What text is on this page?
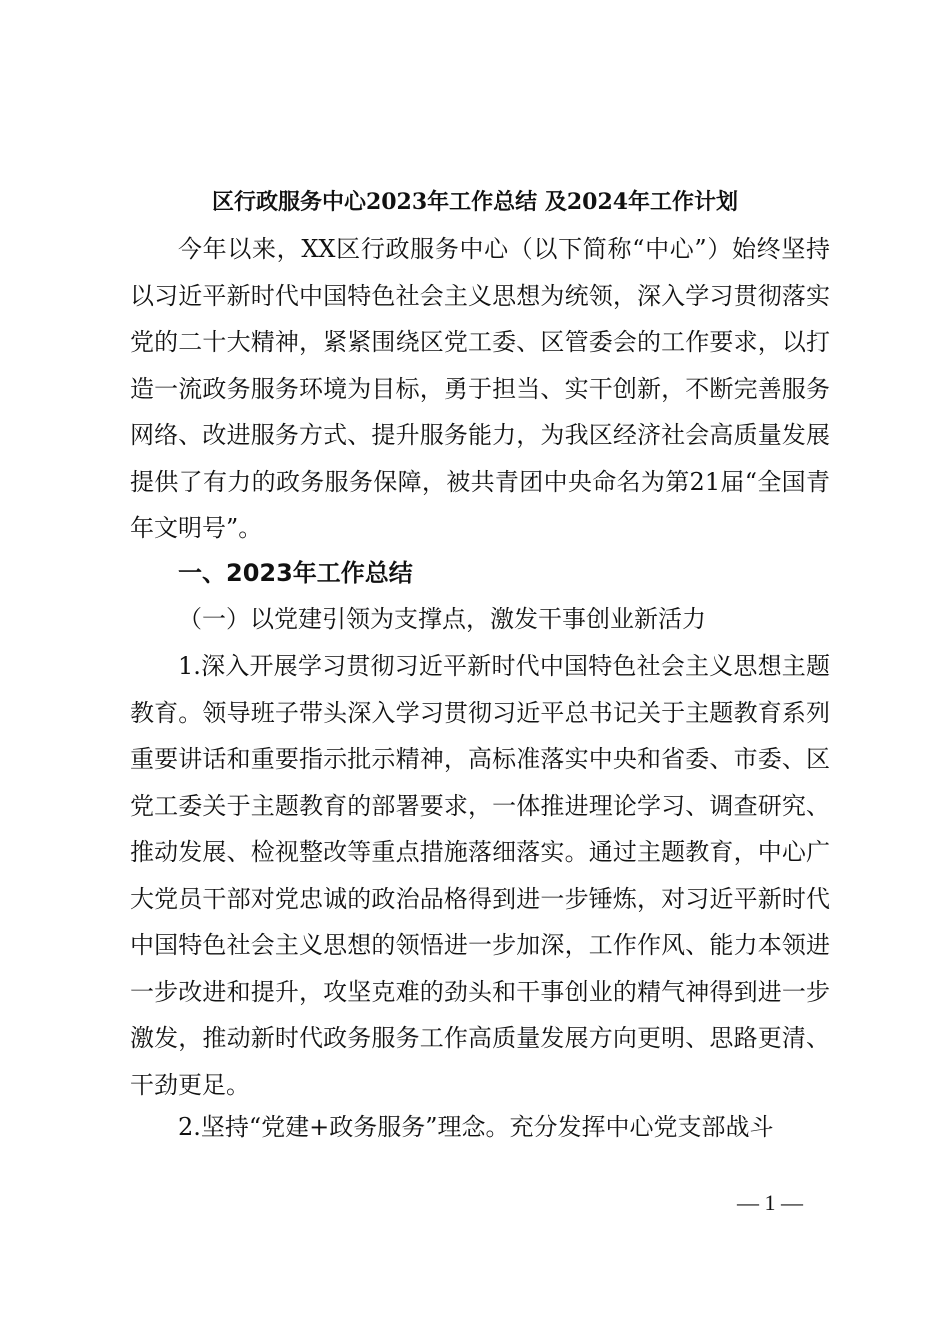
区行政服务中心2023年工作总结 及2024年工作计划

今年以来，XX区行政服务中心（以下简称“中心”）始终坚持以习近平新时代中国特色社会主义思想为统领，深入学习贯彻落实党的二十大精神，紧紧围绕区党工委、区管委会的工作要求，以打造一流政务服务环境为目标，勇于担当、实干创新，不断完善服务网络、改进服务方式、提升服务能力，为我区经济社会高质量发展提供了有力的政务服务保障，被共青团中央命名为第21届“全国青年文明号”。

一、2023年工作总结
（一）以党建引领为支撑点，激发干事创业新活力

1.深入开展学习贯彻习近平新时代中国特色社会主义思想主题教育。领导班子带头深入学习贯彻习近平总书记关于主题教育系列重要讲话和重要指示批示精神，高标准落实中央和省委、市委、区党工委关于主题教育的部署要求，一体推进理论学习、调查研究、推动发展、检视整改等重点措施落细落实。通过主题教育，中心广大党员干部对党忠诚的政治品格得到进一步锤炼，对习近平新时代中国特色社会主义思想的领悟进一步加深，工作作风、能力本领进一步改进和提升，攻坚克难的劲头和干事创业的精气神得到进一步激发，推动新时代政务服务工作高质量发展方向更明、思路更清、干劲更足。

2.坚持“党建+政务服务”理念。充分发挥中心党支部战斗

— 1 —
